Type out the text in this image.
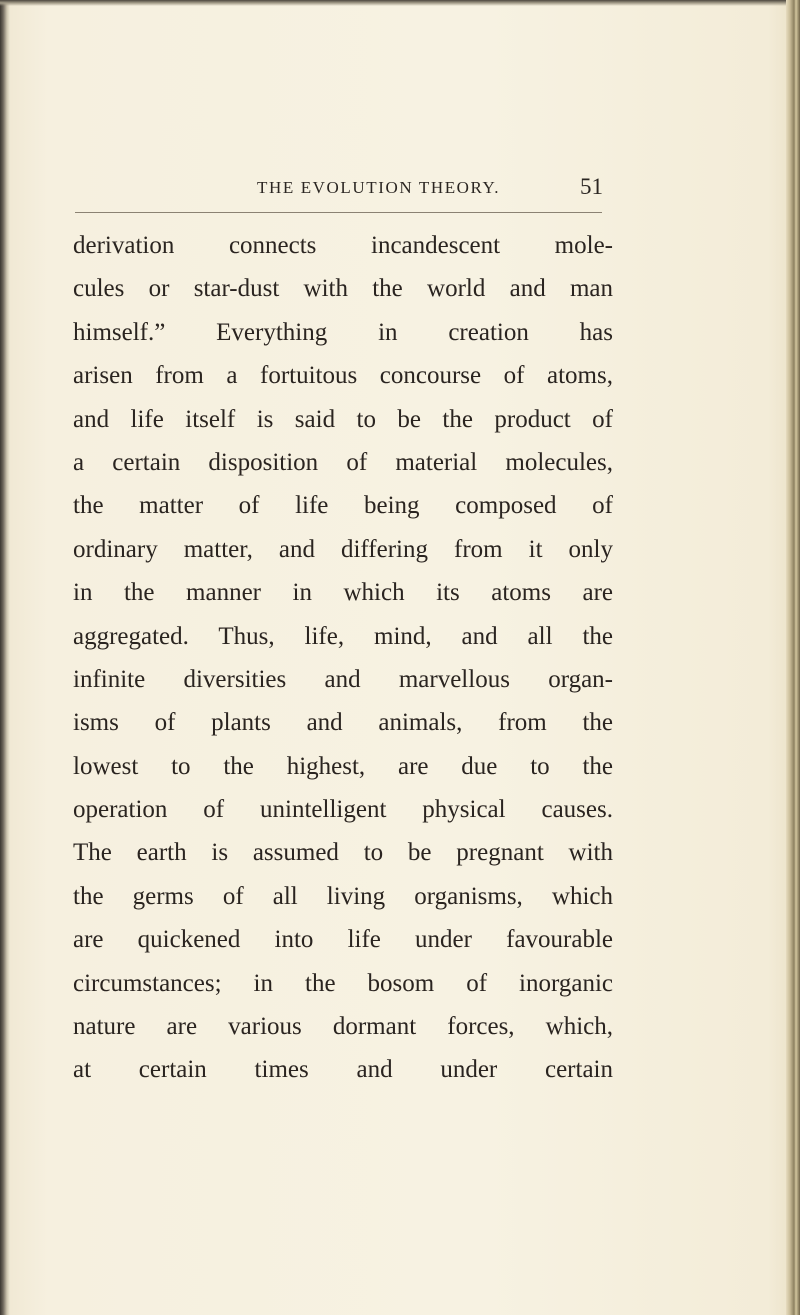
THE EVOLUTION THEORY.	51
derivation connects incandescent mole-
cules or star-dust with the world and man
himself.” Everything in creation has
arisen from a fortuitous concourse of atoms,
and life itself is said to be the product of
a certain disposition of material molecules,
the matter of life being composed of
ordinary matter, and differing from it only
in the manner in which its atoms are
aggregated. Thus, life, mind, and all the
infinite diversities and marvellous organ-
isms of plants and animals, from the
lowest to the highest, are due to the
operation of unintelligent physical causes.
The earth is assumed to be pregnant with
the germs of all living organisms, which
are quickened into life under favourable
circumstances; in the bosom of inorganic
nature are various dormant forces, which,
at certain times and under certain
